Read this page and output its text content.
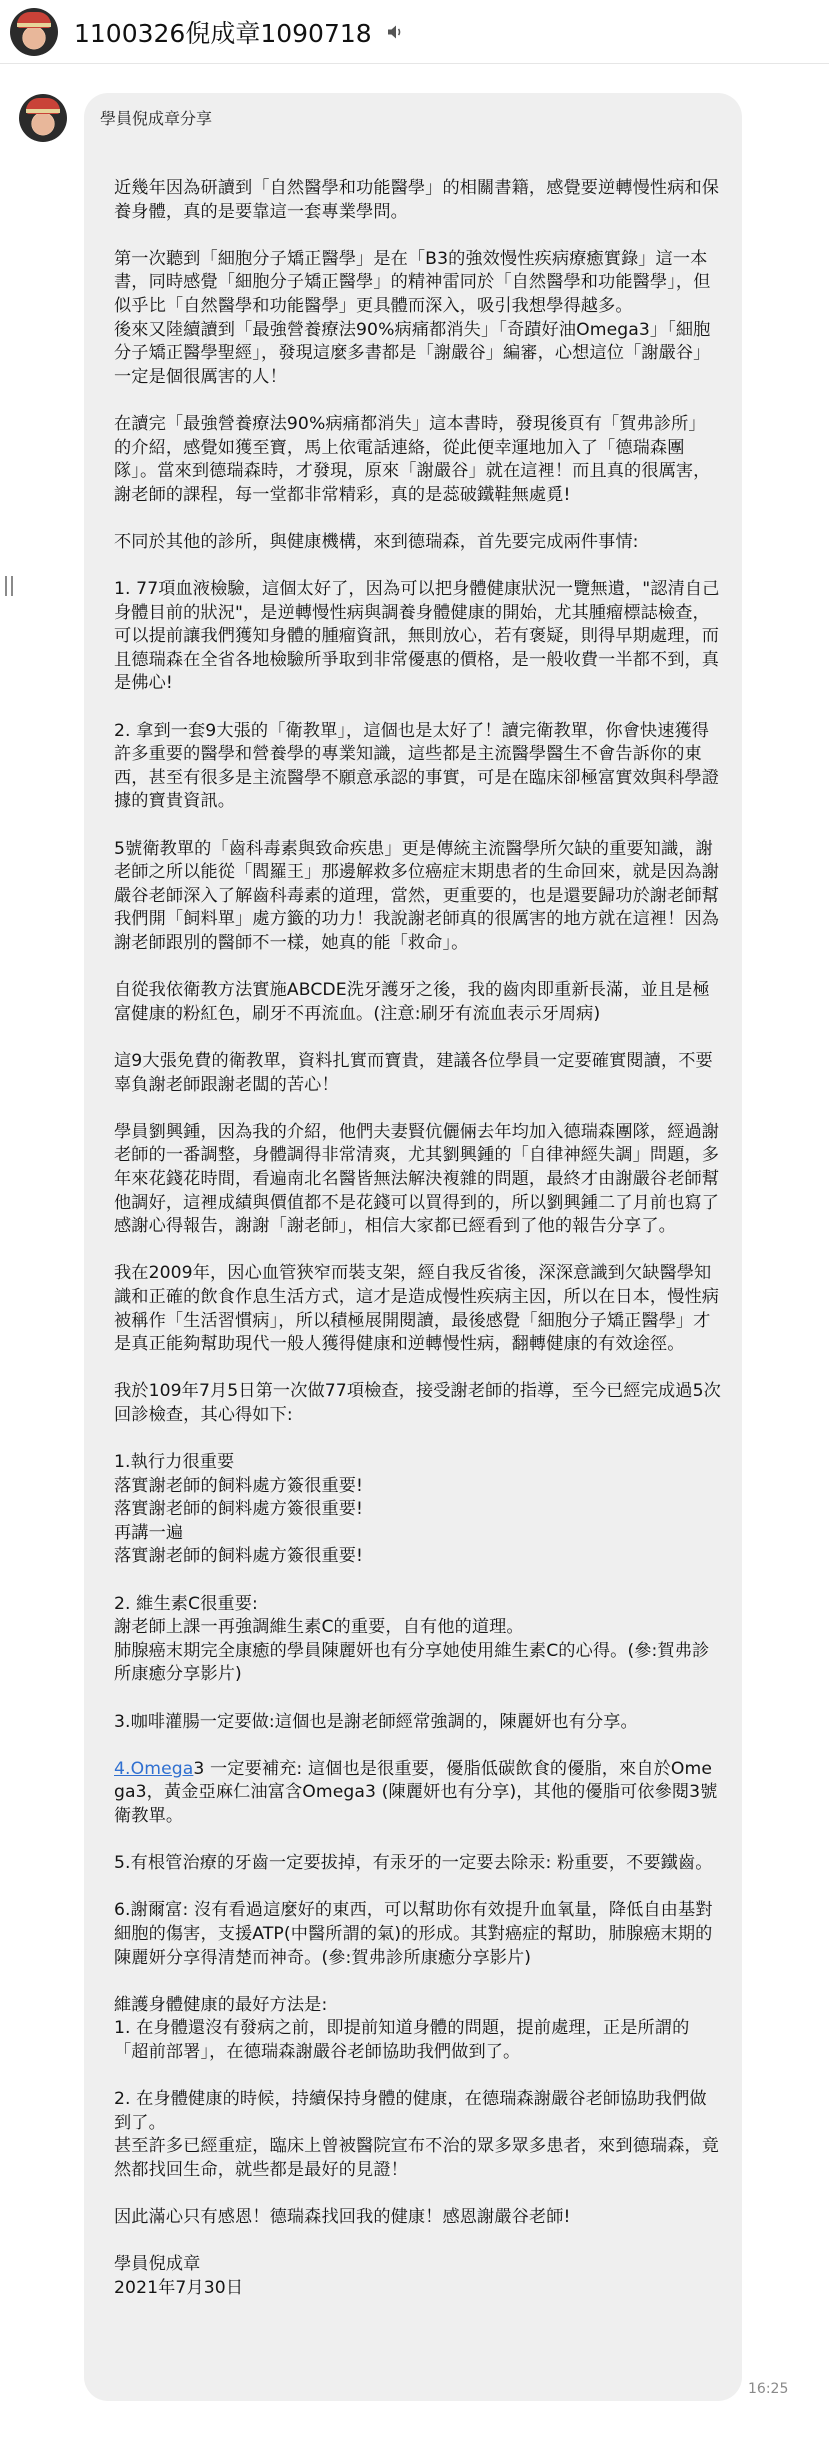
1100326倪成章1090718
學員倪成章分享
近幾年因為研讀到「自然醫學和功能醫學」的相關書籍，感覺要逆轉慢性病和保養身體，真的是要靠這一套專業學問。
第一次聽到「細胞分子矯正醫學」是在「B3的強效慢性疾病療癒實錄」這一本書，同時感覺「細胞分子矯正醫學」的精神雷同於「自然醫學和功能醫學」，但似乎比「自然醫學和功能醫學」更具體而深入，吸引我想學得越多。
後來又陸續讀到「最強營養療法90%病痛都消失」「奇蹟好油Omega3」「細胞分子矯正醫學聖經」，發現這麼多書都是「謝嚴谷」編審，心想這位「謝嚴谷」一定是個很厲害的人！
在讀完「最強營養療法90%病痛都消失」這本書時，發現後頁有「賀弗診所」的介紹，感覺如獲至寶，馬上依電話連絡，從此便幸運地加入了「德瑞森團隊」。當來到德瑞森時，才發現，原來「謝嚴谷」就在這裡！而且真的很厲害，謝老師的課程，每一堂都非常精彩，真的是蕊破鐵鞋無處覓!
不同於其他的診所，與健康機構，來到德瑞森，首先要完成兩件事情:
1. 77項血液檢驗，這個太好了，因為可以把身體健康狀況一覽無遺，"認清自己身體目前的狀況"，是逆轉慢性病與調養身體健康的開始，尤其腫瘤標誌檢查，可以提前讓我們獲知身體的腫瘤資訊，無則放心，若有褒疑，則得早期處理，而且德瑞森在全省各地檢驗所爭取到非常優惠的價格，是一般收費一半都不到，真是佛心!
2. 拿到一套9大張的「衛教單」，這個也是太好了！讀完衛教單，你會快速獲得許多重要的醫學和營養學的專業知識，這些都是主流醫學醫生不會告訴你的東西，甚至有很多是主流醫學不願意承認的事實，可是在臨床卻極富實效與科學證據的寶貴資訊。
5號衛教單的「齒科毒素與致命疾患」更是傳統主流醫學所欠缺的重要知識，謝老師之所以能從「閻羅王」那邊解救多位癌症末期患者的生命回來，就是因為謝嚴谷老師深入了解齒科毒素的道理，當然，更重要的，也是還要歸功於謝老師幫我們開「飼料單」處方籤的功力！我說謝老師真的很厲害的地方就在這裡！因為謝老師跟別的醫師不一樣，她真的能「救命」。
自從我依衛教方法實施ABCDE洗牙護牙之後，我的齒肉即重新長滿，並且是極富健康的粉紅色，刷牙不再流血。(注意:刷牙有流血表示牙周病)
這9大張免費的衛教單，資料扎實而寶貴，建議各位學員一定要確實閱讀，不要辜負謝老師跟謝老闆的苦心！
學員劉興鍾，因為我的介紹，他們夫妻賢伉儷倆去年均加入德瑞森團隊，經過謝老師的一番調整，身體調得非常清爽，尤其劉興鍾的「自律神經失調」問題，多年來花錢花時間，看遍南北名醫皆無法解決複雜的問題，最終才由謝嚴谷老師幫他調好，這裡成績與價值都不是花錢可以買得到的，所以劉興鍾二了月前也寫了感謝心得報告，謝謝「謝老師」，相信大家都已經看到了他的報告分享了。
我在2009年，因心血管狹窄而裝支架，經自我反省後，深深意識到欠缺醫學知識和正確的飲食作息生活方式，這才是造成慢性疾病主因，所以在日本，慢性病被稱作「生活習慣病」，所以積極展開閱讀，最後感覺「細胞分子矯正醫學」才是真正能夠幫助現代一般人獲得健康和逆轉慢性病，翻轉健康的有效途徑。
我於109年7月5日第一次做77項檢查，接受謝老師的指導，至今已經完成過5次回診檢查，其心得如下:
1.執行力很重要
落實謝老師的飼料處方簽很重要!
落實謝老師的飼料處方簽很重要!
再講一遍
落實謝老師的飼料處方簽很重要!
2. 維生素C很重要:
謝老師上課一再強調維生素C的重要，自有他的道理。
肺腺癌末期完全康癒的學員陳麗妍也有分享她使用維生素C的心得。(參:賀弗診所康癒分享影片)
3.咖啡灌腸一定要做:這個也是謝老師經常強調的，陳麗妍也有分享。
4.Omega3 一定要補充: 這個也是很重要，優脂低碳飲食的優脂，來自於Omega3，黃金亞麻仁油富含Omega3 (陳麗妍也有分享)，其他的優脂可依參閱3號衛教單。
5.有根管治療的牙齒一定要拔掉，有汞牙的一定要去除汞: 粉重要，不要鐵齒。
6.謝爾富: 沒有看過這麼好的東西，可以幫助你有效提升血氧量，降低自由基對細胞的傷害，支援ATP(中醫所謂的氣)的形成。其對癌症的幫助，肺腺癌末期的陳麗妍分享得清楚而神奇。(參:賀弗診所康癒分享影片)
維護身體健康的最好方法是:
1. 在身體還沒有發病之前，即提前知道身體的問題，提前處理，正是所謂的「超前部署」，在德瑞森謝嚴谷老師協助我們做到了。
2. 在身體健康的時候，持續保持身體的健康，在德瑞森謝嚴谷老師協助我們做到了。
甚至許多已經重症，臨床上曾被醫院宣布不治的眾多眾多患者，來到德瑞森，竟然都找回生命，就些都是最好的見證！
因此滿心只有感恩！德瑞森找回我的健康！感恩謝嚴谷老師!
學員倪成章
2021年7月30日
16:25
